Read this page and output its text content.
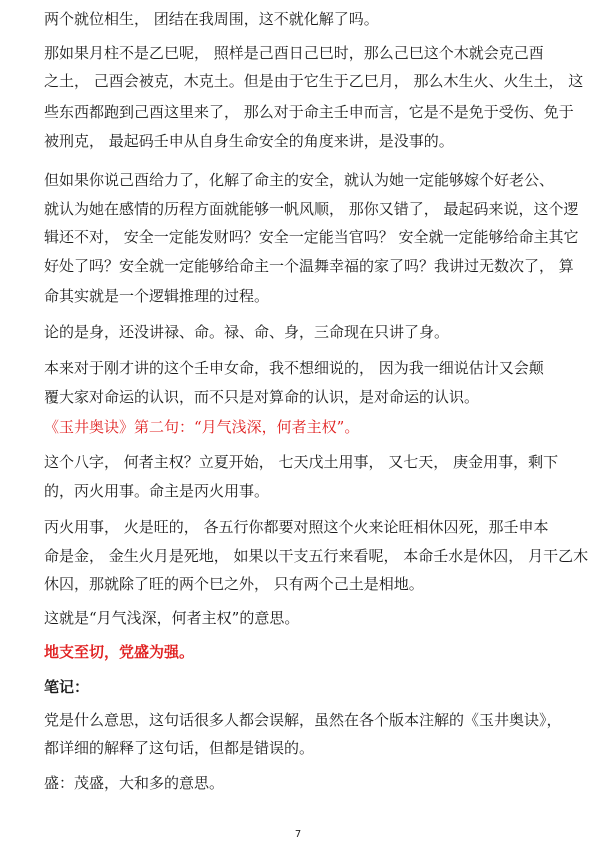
两个就位相生， 团结在我周围，这不就化解了吗。
那如果月柱不是乙巳呢， 照样是己酉日己巳时，那么己巳这个木就会克己酉
之土， 己酉会被克，木克土。但是由于它生于乙巳月， 那么木生火、火生土， 这
些东西都跑到己酉这里来了， 那么对于命主壬申而言，它是不是免于受伤、免于
被刑克， 最起码壬申从自身生命安全的角度来讲，是没事的。
但如果你说己酉给力了，化解了命主的安全，就认为她一定能够嫁个好老公、
就认为她在感情的历程方面就能够一帆风顺， 那你又错了， 最起码来说，这个逻
辑还不对， 安全一定能发财吗？安全一定能当官吗？ 安全就一定能够给命主其它
好处了吗？安全就一定能够给命主一个温舞幸福的家了吗？我讲过无数次了， 算
命其实就是一个逻辑推理的过程。
论的是身，还没讲禄、命。禄、命、身，三命现在只讲了身。
本来对于刚才讲的这个壬申女命，我不想细说的， 因为我一细说估计又会颠
覆大家对命运的认识，而不只是对算命的认识，是对命运的认识。
《玉井奥诀》第二句：“月气浅深，何者主权”。
这个八字， 何者主权？立夏开始， 七天戊土用事， 又七天， 庚金用事，剩下
的，丙火用事。命主是丙火用事。
丙火用事， 火是旺的， 各五行你都要对照这个火来论旺相休囚死，那壬申本
命是金， 金生火月是死地， 如果以干支五行来看呢， 本命壬水是休囚， 月干乙木
休囚，那就除了旺的两个巳之外， 只有两个己土是相地。
这就是“月气浅深，何者主权”的意思。
地支至切，党盛为强。
笔记：
党是什么意思，这句话很多人都会误解，虽然在各个版本注解的《玉井奥诀》，
都详细的解释了这句话，但都是错误的。
盛：茂盛，大和多的意思。
7
